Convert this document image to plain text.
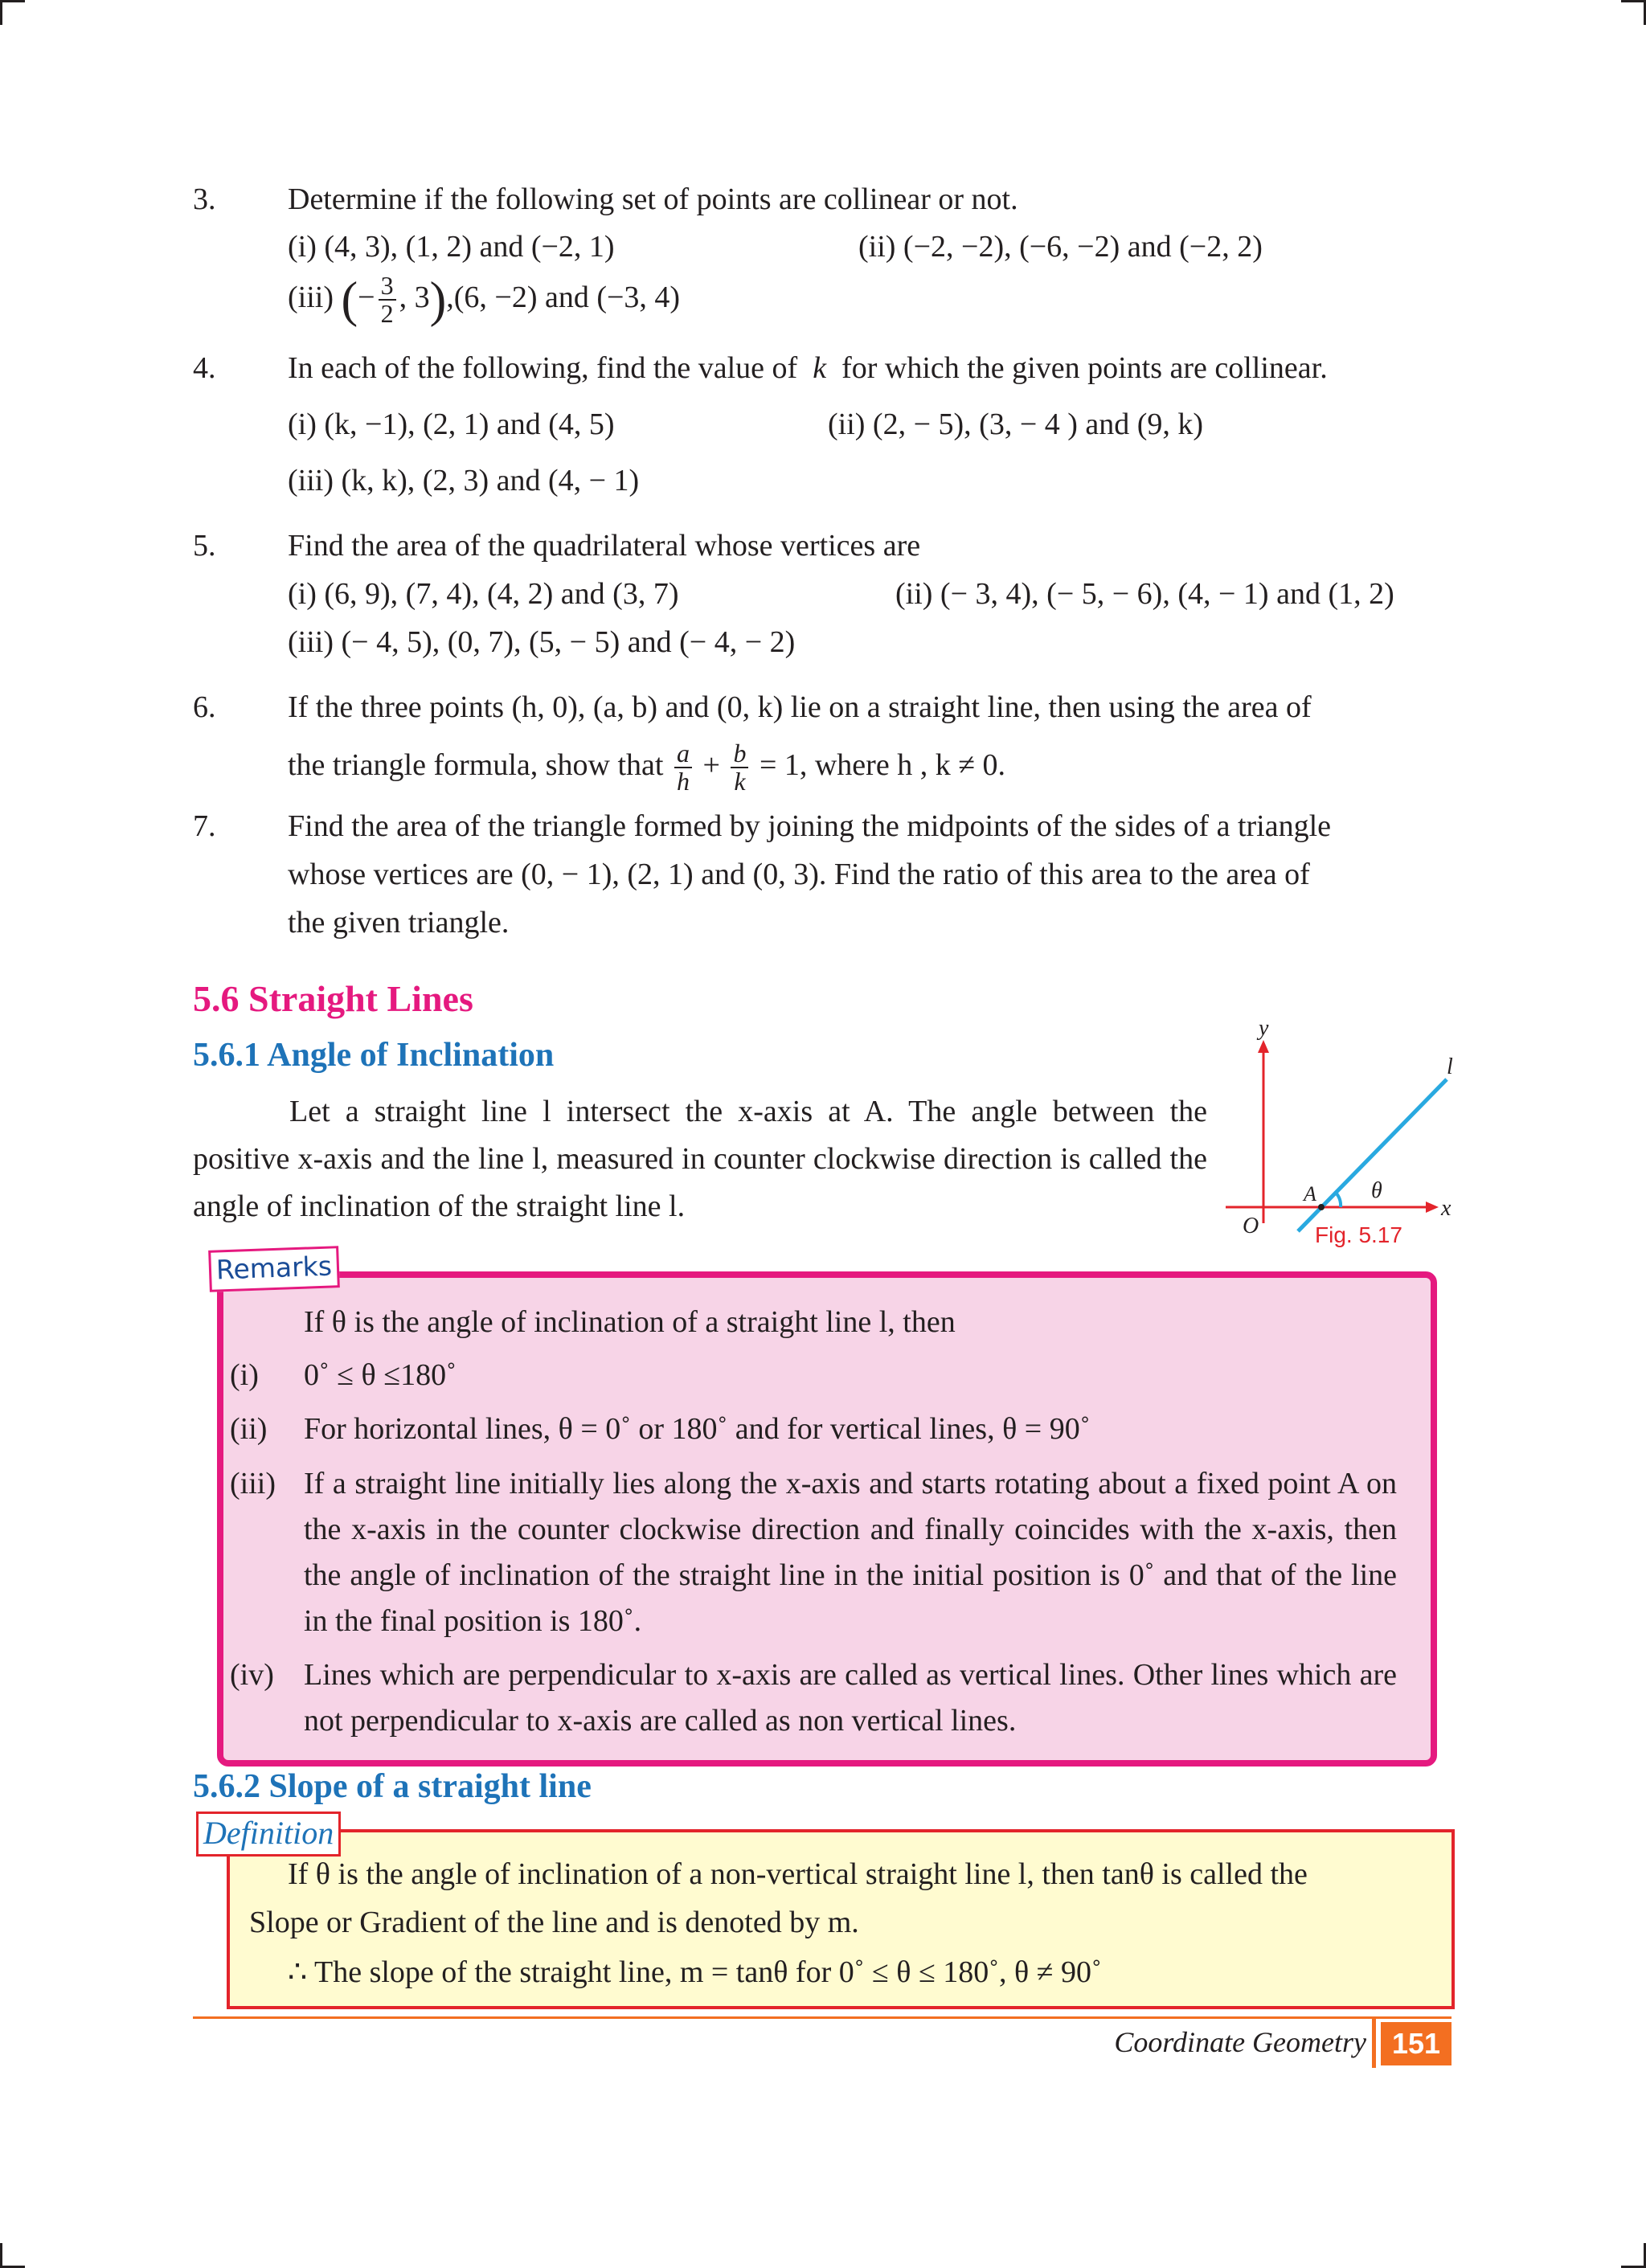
3. Determine if the following set of points are collinear or not.
(i) (4, 3), (1, 2) and (−2, 1)	(ii) (−2, −2), (−6, −2) and (−2, 2)
(iii) (− $\frac{3}{2}$ , 3),(6, −2) and (−3, 4)
4. In each of the following, find the value of k for which the given points are collinear.
(i) (k, −1), (2, 1) and (4, 5)	(ii) (2, − 5), (3, − 4 ) and (9, k)
(iii) (k, k), (2, 3) and (4, − 1)
5. Find the area of the quadrilateral whose vertices are
(i) (6, 9), (7, 4), (4, 2) and (3, 7)	(ii) (− 3, 4), (− 5, − 6), (4, − 1) and (1, 2)
(iii) (− 4, 5), (0, 7), (5, − 5) and (− 4, − 2)
6. If the three points (h, 0), (a, b) and (0, k) lie on a straight line, then using the area of
the triangle formula, show that $\frac{a}{h} + \frac{b}{k} = 1$, where h , k ≠ 0.
7. Find the area of the triangle formed by joining the midpoints of the sides of a triangle
whose vertices are (0, − 1), (2, 1) and (0, 3). Find the ratio of this area to the area of
the given triangle.
5.6 Straight Lines
5.6.1 Angle of Inclination
Let a straight line l intersect the x-axis at A. The angle between the positive x-axis and the line l, measured in counter clockwise direction is called the angle of inclination of the straight line l.
y
x
l
A
O
θ
Fig. 5.17
Remarks
If θ is the angle of inclination of a straight line l, then
(i) 0˚ ≤ θ ≤180˚
(ii) For horizontal lines, θ = 0˚ or 180˚ and for vertical lines, θ = 90˚
(iii) If a straight line initially lies along the x-axis and starts rotating about a fixed point A on the x-axis in the counter clockwise direction and finally coincides with the x-axis, then the angle of inclination of the straight line in the initial position is 0˚ and that of the line in the final position is 180˚.
(iv) Lines which are perpendicular to x-axis are called as vertical lines. Other lines which are not perpendicular to x-axis are called as non vertical lines.
5.6.2 Slope of a straight line
Definition
If θ is the angle of inclination of a non-vertical straight line l, then tanθ is called the
Slope or Gradient of the line and is denoted by m.
∴ The slope of the straight line, m = tanθ for 0˚ ≤ θ ≤ 180˚, θ ≠ 90˚
Coordinate Geometry 151
